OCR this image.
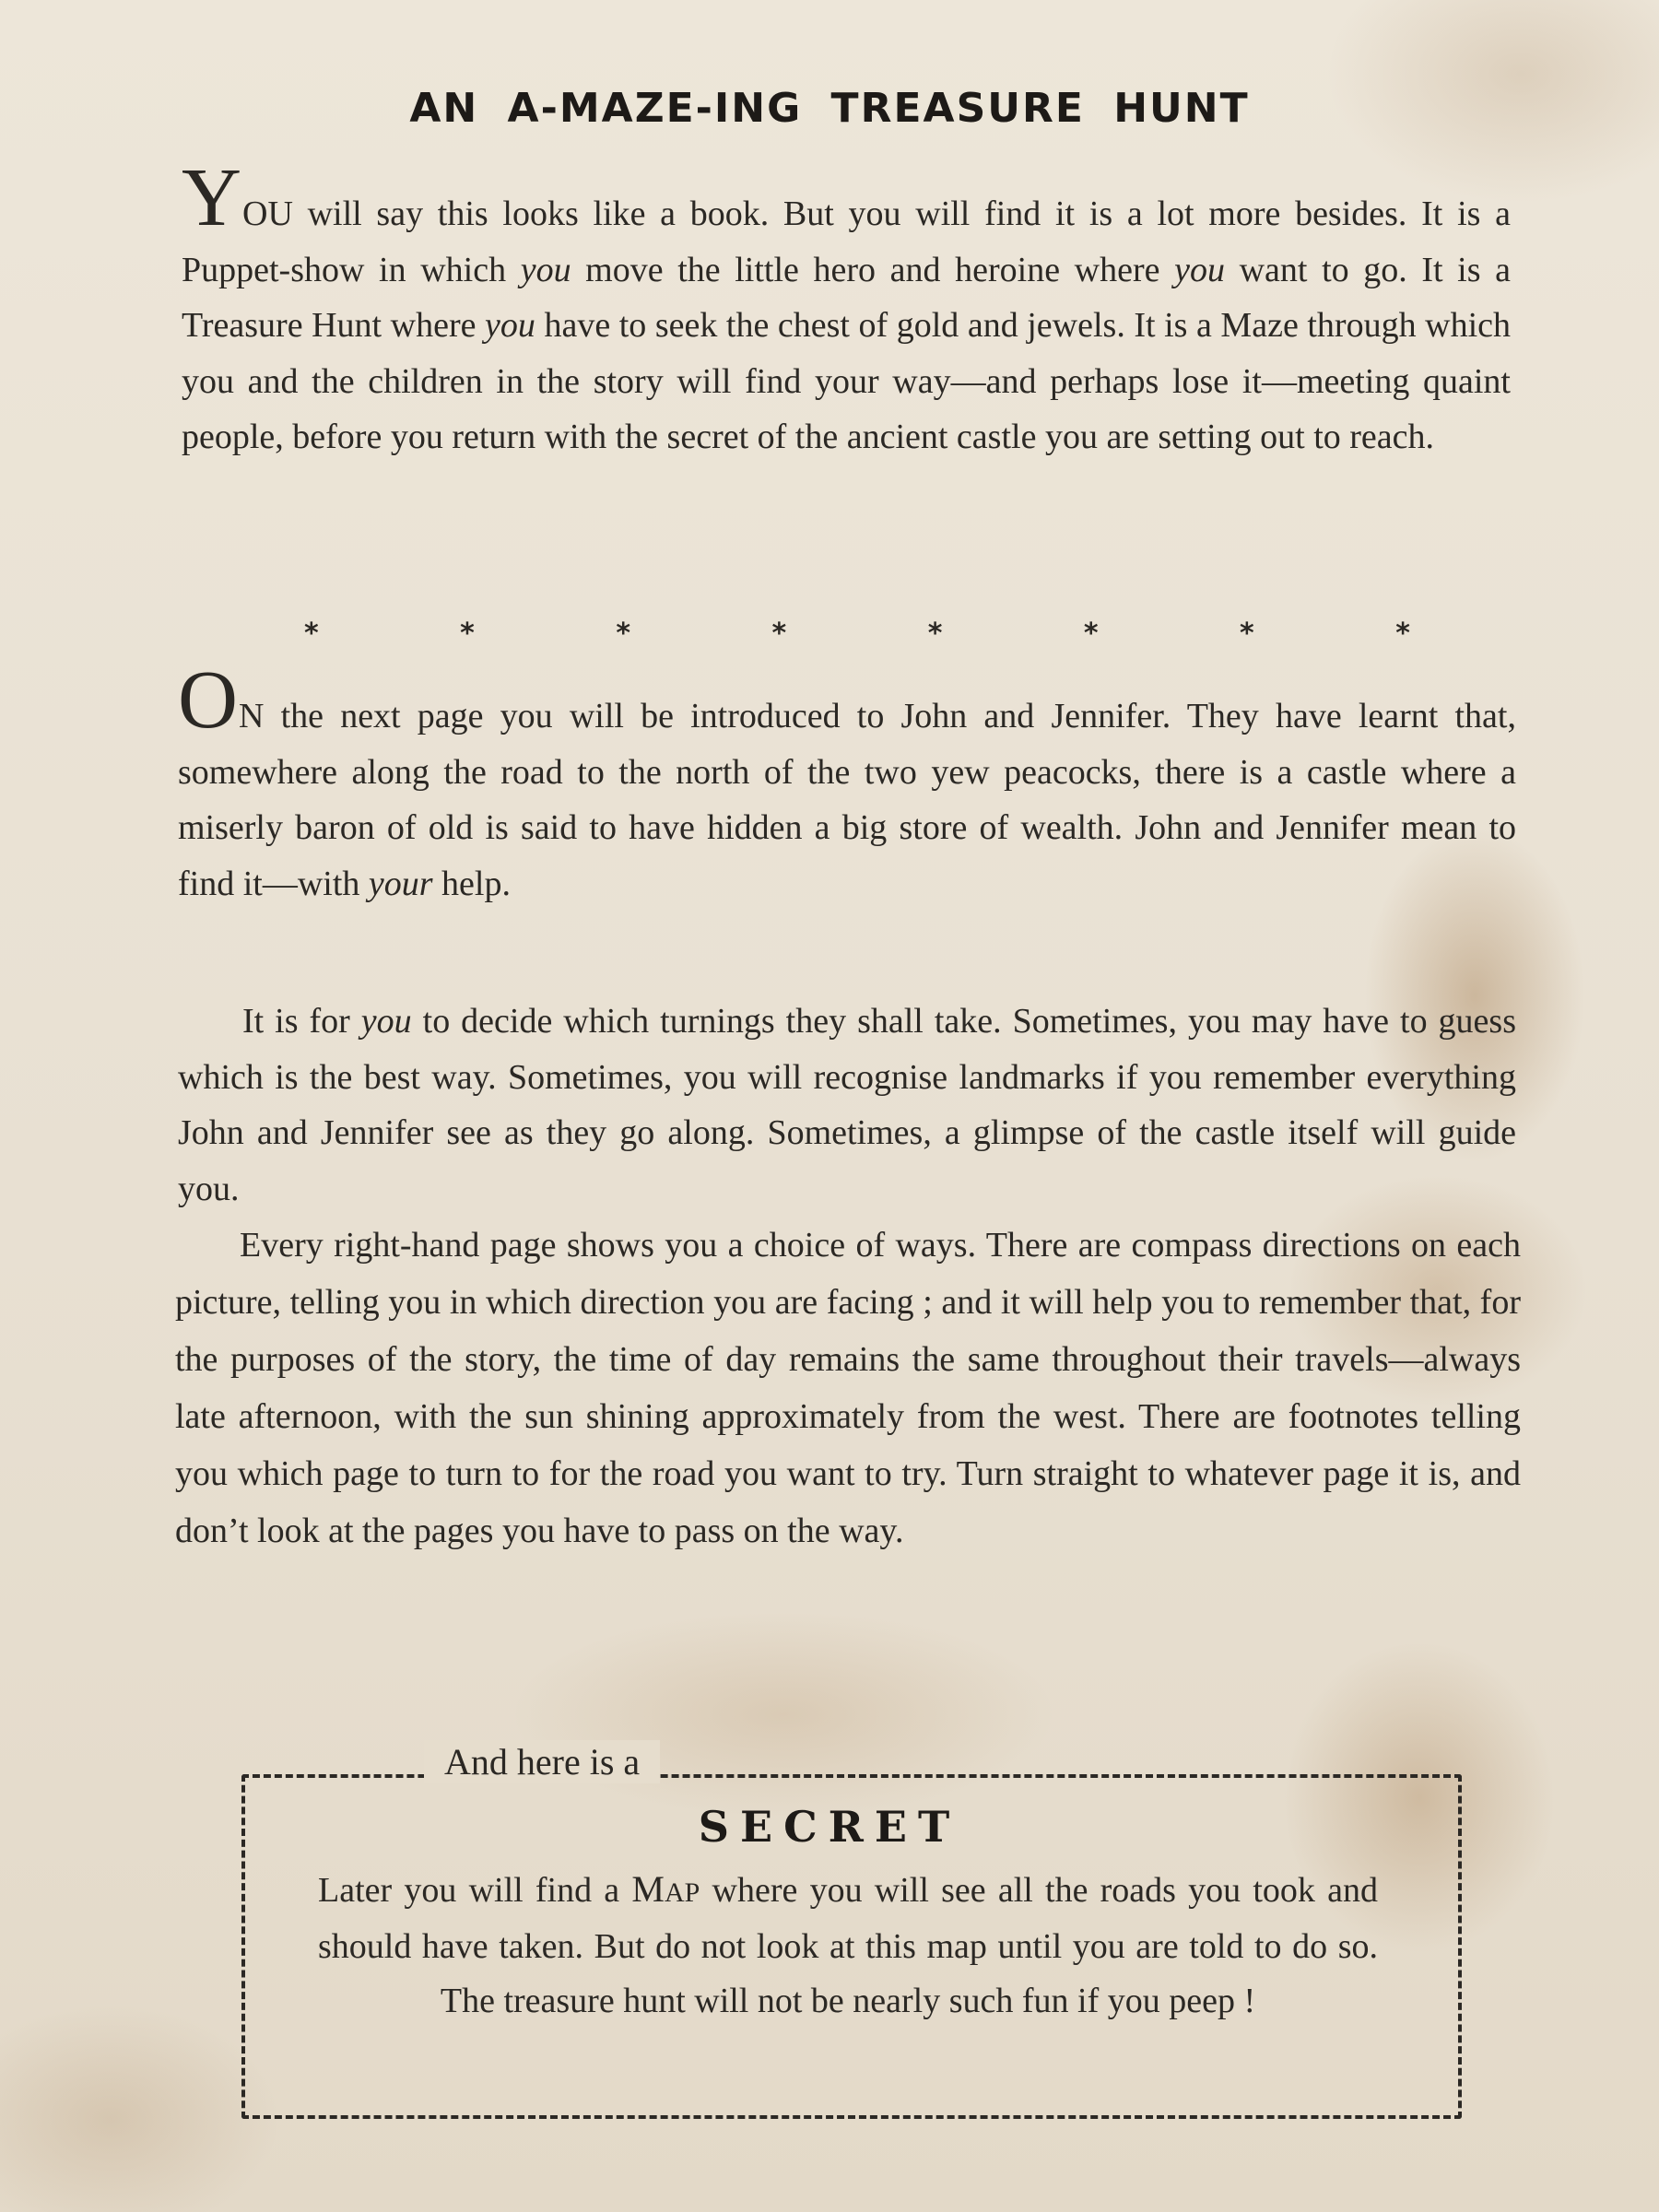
AN A-MAZE-ING TREASURE HUNT

YOU will say this looks like a book. But you will find it is a lot more besides. It is a Puppet-show in which you move the little hero and heroine where you want to go. It is a Treasure Hunt where you have to seek the chest of gold and jewels. It is a Maze through which you and the children in the story will find your way—and perhaps lose it—meeting quaint people, before you return with the secret of the ancient castle you are setting out to reach.

*	*	*	*	*	*	*	*

ON the next page you will be introduced to John and Jennifer. They have learnt that, somewhere along the road to the north of the two yew peacocks, there is a castle where a miserly baron of old is said to have hidden a big store of wealth. John and Jennifer mean to find it—with your help.

It is for you to decide which turnings they shall take. Sometimes, you may have to guess which is the best way. Sometimes, you will recognise landmarks if you remember everything John and Jennifer see as they go along. Sometimes, a glimpse of the castle itself will guide you.

Every right-hand page shows you a choice of ways. There are compass directions on each picture, telling you in which direction you are facing ; and it will help you to remember that, for the purposes of the story, the time of day remains the same throughout their travels—always late afternoon, with the sun shining approximately from the west. There are footnotes telling you which page to turn to for the road you want to try. Turn straight to whatever page it is, and don’t look at the pages you have to pass on the way.

And here is a
SECRET

Later you will find a MAP where you will see all the roads you took and should have taken. But do not look at this map until you are told to do so. The treasure hunt will not be nearly such fun if you peep !
